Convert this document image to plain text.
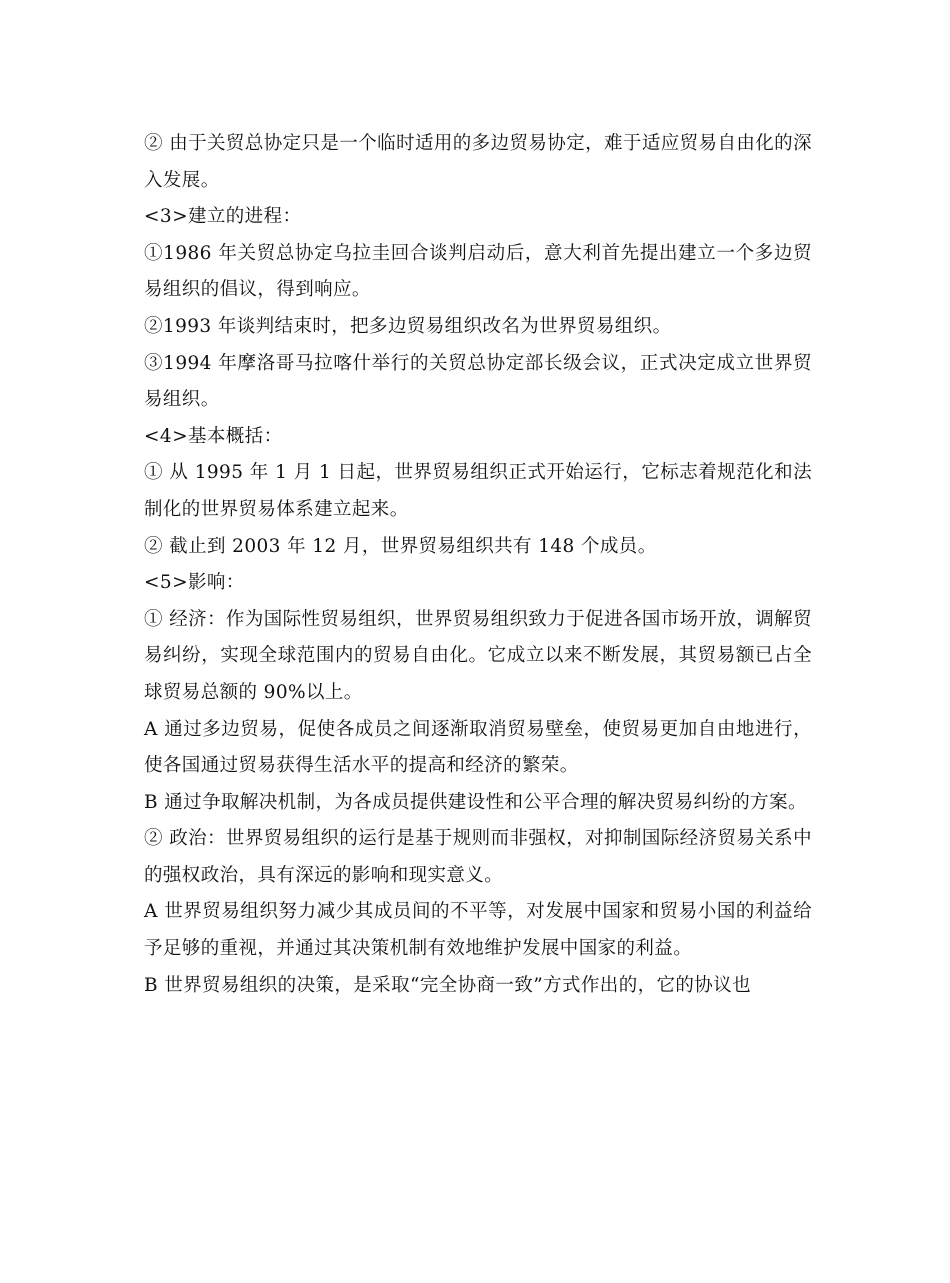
② 由于关贸总协定只是一个临时适用的多边贸易协定，难于适应贸易自由化的深入发展。

<3>建立的进程：

①1986 年关贸总协定乌拉圭回合谈判启动后，意大利首先提出建立一个多边贸易组织的倡议，得到响应。

②1993 年谈判结束时，把多边贸易组织改名为世界贸易组织。

③1994 年摩洛哥马拉喀什举行的关贸总协定部长级会议，正式决定成立世界贸易组织。

<4>基本概括：

① 从 1995 年 1 月 1 日起，世界贸易组织正式开始运行，它标志着规范化和法制化的世界贸易体系建立起来。

② 截止到 2003 年 12 月，世界贸易组织共有 148 个成员。

<5>影响：

① 经济：作为国际性贸易组织，世界贸易组织致力于促进各国市场开放，调解贸易纠纷，实现全球范围内的贸易自由化。它成立以来不断发展，其贸易额已占全球贸易总额的 90%以上。

A 通过多边贸易，促使各成员之间逐渐取消贸易壁垒，使贸易更加自由地进行，使各国通过贸易获得生活水平的提高和经济的繁荣。

B 通过争取解决机制，为各成员提供建设性和公平合理的解决贸易纠纷的方案。

② 政治：世界贸易组织的运行是基于规则而非强权，对抑制国际经济贸易关系中的强权政治，具有深远的影响和现实意义。

A 世界贸易组织努力减少其成员间的不平等，对发展中国家和贸易小国的利益给予足够的重视，并通过其决策机制有效地维护发展中国家的利益。

B 世界贸易组织的决策，是采取“完全协商一致”方式作出的，它的协议也
